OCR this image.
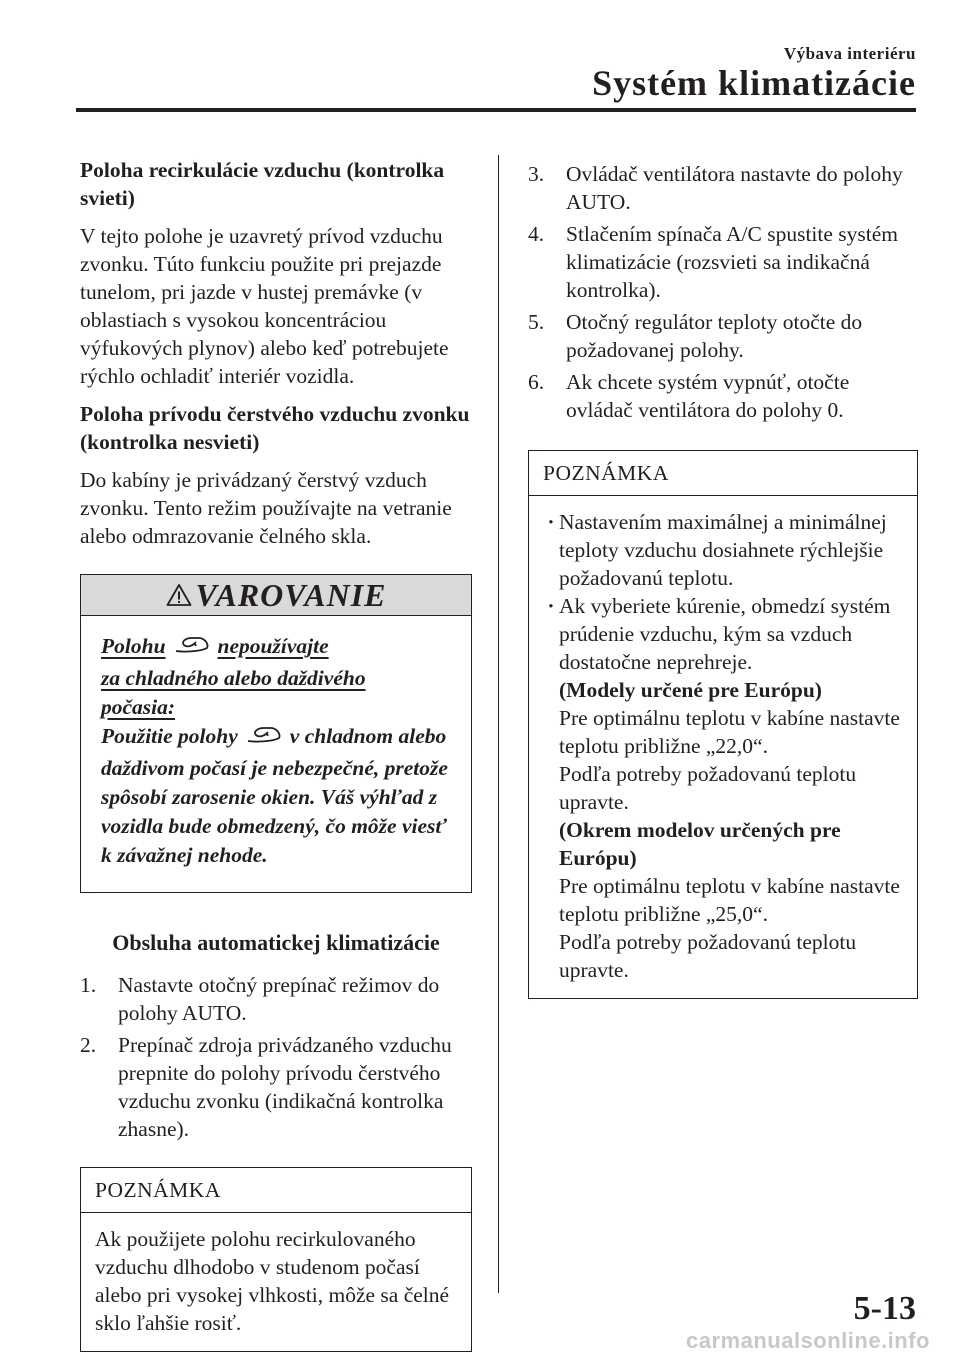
Výbava interiéru
Systém klimatizácie

Poloha recirkulácie vzduchu (kontrolka svieti)

V tejto polohe je uzavretý prívod vzduchu zvonku. Túto funkciu použite pri prejazde tunelom, pri jazde v hustej premávke (v oblastiach s vysokou koncentráciou výfukových plynov) alebo keď potrebujete rýchlo ochladiť interiér vozidla.

Poloha prívodu čerstvého vzduchu zvonku (kontrolka nesvieti)

Do kabíny je privádzaný čerstvý vzduch zvonku. Tento režim používajte na vetranie alebo odmrazovanie čelného skla.

VAROVANIE
Polohu nepoužívajte
za chladného alebo daždivého
počasia:
Použitie polohy v chladnom alebo daždivom počasí je nebezpečné, pretože spôsobí zarosenie okien. Váš výhľad z vozidla bude obmedzený, čo môže viesť k závažnej nehode.

Obsluha automatickej klimatizácie

1.	Nastavte otočný prepínač režimov do polohy AUTO.
2.	Prepínač zdroja privádzaného vzduchu prepnite do polohy prívodu čerstvého vzduchu zvonku (indikačná kontrolka zhasne).
POZNÁMKA
Ak použijete polohu recirkulovaného vzduchu dlhodobo v studenom počasí alebo pri vysokej vlhkosti, môže sa čelné sklo ľahšie rosiť.
3.	Ovládač ventilátora nastavte do polohy AUTO.
4.	Stlačením spínača A/C spustite systém klimatizácie (rozsvieti sa indikačná kontrolka).
5.	Otočný regulátor teploty otočte do požadovanej polohy.
6.	Ak chcete systém vypnúť, otočte ovládač ventilátora do polohy 0.
POZNÁMKA
· Nastavením maximálnej a minimálnej teploty vzduchu dosiahnete rýchlejšie požadovanú teplotu.
· Ak vyberiete kúrenie, obmedzí systém prúdenie vzduchu, kým sa vzduch dostatočne neprehreje.
(Modely určené pre Európu)
Pre optimálnu teplotu v kabíne nastavte teplotu približne „22,0“.
Podľa potreby požadovanú teplotu upravte.
(Okrem modelov určených pre Európu)
Pre optimálnu teplotu v kabíne nastavte teplotu približne „25,0“.
Podľa potreby požadovanú teplotu upravte.
5-13
carmanualsonline.info
